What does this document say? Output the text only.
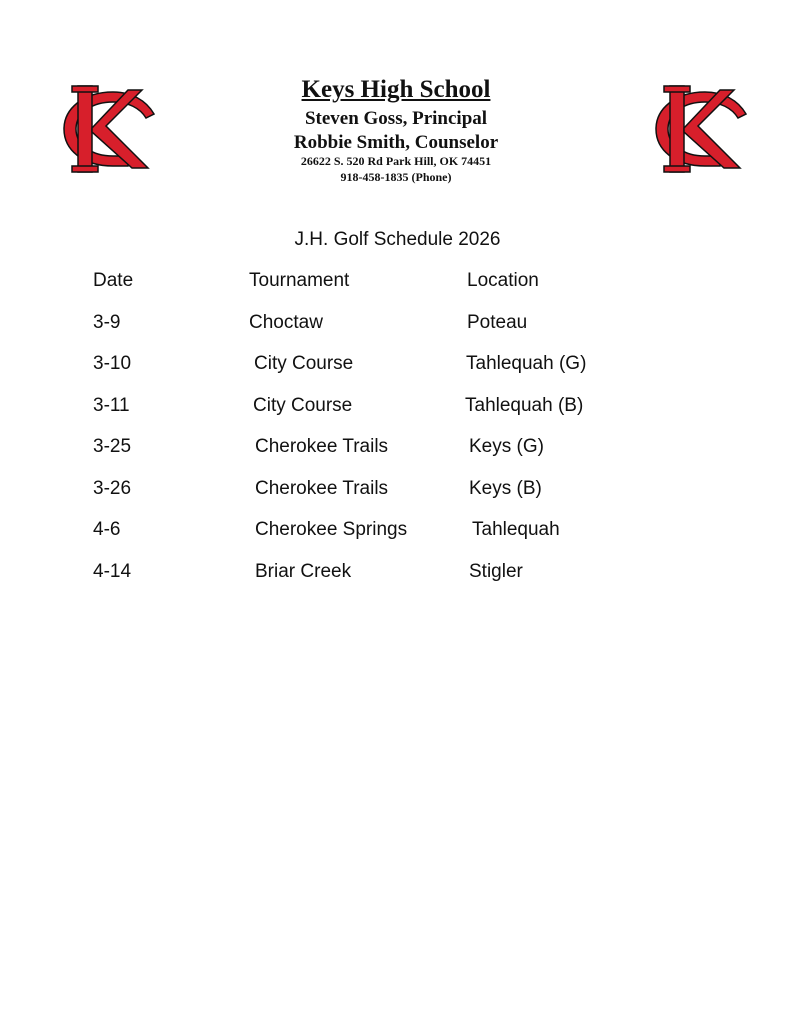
Keys High School
Steven Goss, Principal
Robbie Smith, Counselor
26622 S. 520 Rd Park Hill, OK 74451
918-458-1835 (Phone)
J.H. Golf Schedule 2026
Date	Tournament	Location
3-9	Choctaw	Poteau
3-10	City Course	Tahlequah (G)
3-11	City Course	Tahlequah (B)
3-25	Cherokee Trails	Keys (G)
3-26	Cherokee Trails	Keys (B)
4-6	Cherokee Springs	Tahlequah
4-14	Briar Creek	Stigler
